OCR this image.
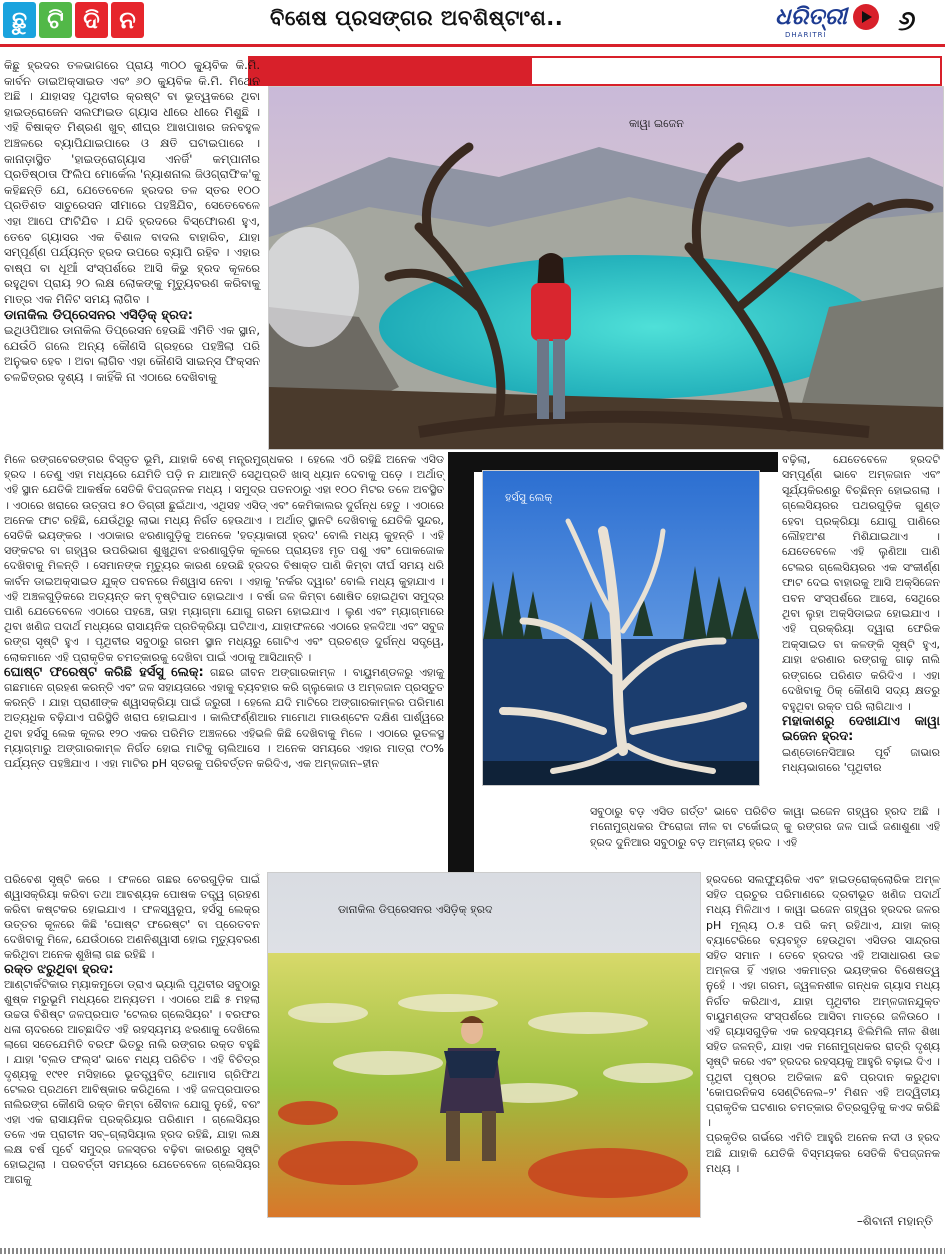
ଛୁ ଟି ଦି ନ	ବିଶେଷ ପ୍ରସଙ୍ଗର ଅବଶିଷ୍ଟାଂଶ..	ଧରିତ୍ରୀ
DHARITRI	୬
କାୱା ଇଜେନ
ହର୍ସସୁ ଲେକ୍
ଡାନାକିଲ ଡିପ୍ରେସନର ଏସିଡ଼ିକ୍ ହ୍ରଦ

କିଛୁ ହ୍ରଦର ତଳଭାଗରେ ପ୍ରାୟ ୩୦୦ କ୍ୟୁବିକ କି.ମି. କାର୍ବନ ଡାଇଅକ୍ସାଇଡ ଏବଂ ୬୦ କ୍ୟୁବିକ କି.ମି. ମିଥେନ ଅଛି । ଯାହାସହ ପୃଥିବୀର କ୍ରଷ୍ଟ ବା ଭୂତ୍ୱକରେ ଥିବା ହାଇଡ୍ରୋଜେନ ସଲଫାଇଡ ଗ୍ୟାସ ଧୀରେ ଧୀରେ ମିଶୁଛି । ଏହି ବିଷାକ୍ତ ମିଶ୍ରଣ ଖୁବ୍ ଶୀଘ୍ର ଆଖପାଖର ଜନବହୁଳ ଅଞ୍ଚଳରେ ବ୍ୟାପିଯାଇପାରେ ଓ କ୍ଷତି ଘଟାଇପାରେ । କାନାଡ଼ାସ୍ଥିତ 'ହାଇଡ୍ରୋଗ୍ୟାସ ଏନର୍ଜି' କମ୍ପାନୀର ପ୍ରତିଷ୍ଠାତା ଫିଲିପ ମୋର୍କେଲ 'ନ୍ୟାଶନାଲ ଜିଓଗ୍ରାଫିକ'କୁ କହିଛନ୍ତି ଯେ, ଯେତେବେଳେ ହ୍ରଦର ତଳ ସ୍ତର ୧୦୦ ପ୍ରତିଶତ ସାଚୁରେସନ ସୀମାରେ ପହଞ୍ଚିଯିବ, ସେତେବେଳେ ଏହା ଆପେ ଫାଟିଯିବ । ଯଦି ହ୍ରଦରେ ବିସ୍ଫୋରଣ ହୁଏ, ତେବେ ଗ୍ୟାସର ଏକ ବିଶାଳ ବାଦଲ ବାହାରିବ, ଯାହା ସମ୍ପୂର୍ଣ୍ଣ ପର୍ଯ୍ୟନ୍ତ ହ୍ରଦ ଉପରେ ବ୍ୟାପି ରହିବ । ଏହାର ବାଷ୍ପ ବା ଧୂଆଁ ସଂସ୍ପର୍ଶରେ ଆସି କିଭୁ ହ୍ରଦ କୂଳରେ ରହୁଥିବା ପ୍ରାୟ ୨୦ ଲକ୍ଷ ଲୋକଙ୍କୁ ମୃତ୍ୟୁବରଣ କରିବାକୁ ମାତ୍ର ଏକ ମିନିଟ ସମୟ ଲାଗିବ ।

ଡାନାକିଲ ଡିପ୍ରେସନର ଏସିଡ଼ିକ୍ ହ୍ରଦ:

ଇଥିଓପିଆର ଡାନାକିଲ ଡିପ୍ରେସନ ହେଉଛି ଏମିତି ଏକ ସ୍ଥାନ, ଯେଉଁଠି ଗଲେ ଅନ୍ୟ କୌଣସି ଗ୍ରହରେ ପହଞ୍ଚିଲା ପରି ଅନୁଭବ ହେବ । ଅବା ଲାଗିବ ଏହା କୌଣସି ସାଇନ୍ସ ଫିକ୍ସନ ଚଳଚ୍ଚିତ୍ରର ଦୃଶ୍ୟ । କାହିଁକି ନା ଏଠାରେ ଦେଖିବାକୁ

ମିଳେ ରଙ୍ଗବେରଙ୍ଗର ବିସ୍ତୃତ ଭୂମି, ଯାହାକି ବେଶ୍ ମନ୍ତ୍ରମୁଗ୍ଧକର । ହେଲେ ଏଠି ରହିଛି ଅନେକ ଏସିଡ ହ୍ରଦ । ତେଣୁ ଏହା ମଧ୍ୟରେ ଯେମିତି ପଡ଼ି ନ ଯାଆନ୍ତି ସେଥିପ୍ରତି ଖାସ୍ ଧ୍ୟାନ ଦେବାକୁ ପଡ଼େ । ଅର୍ଥାତ୍ ଏହି ସ୍ଥାନ ଯେତିକି ଆକର୍ଷକ ସେତିକି ବିପଜ୍ଜନକ ମଧ୍ୟ । ସମୁଦ୍ର ପତନଠାରୁ ଏହା ୧୦୦ ମିଟର ତଳେ ଅବସ୍ଥିତ । ଏଠାରେ ଖରାରେ ଉତ୍ତାପ ୫୦ ଡିଗ୍ରୀ ଛୁଇଁଥାଏ, ଏଥିସହ ଏସିଡ୍ ଏବଂ କେମିକାଲର ଦୁର୍ଗନ୍ଧ ହେତୁ । ଏଠାରେ ଅନେକ ଫାଟ ରହିଛି, ଯେଉଁଥିରୁ ଲାଭା ମଧ୍ୟ ନିର୍ଗତ ହେଉଥାଏ । ଅର୍ଥାତ୍ ସ୍ଥାନଟି ଦେଖିବାକୁ ଯେତିକି ସୁନ୍ଦର, ସେତିକି ଭୟଙ୍କର । ଏଠାକାର ଝରଣାଗୁଡ଼ିକୁ ଅନେକେ 'ହତ୍ୟାକାରୀ ହ୍ରଦ' ବୋଲି ମଧ୍ୟ କୁହନ୍ତି । ଏହି ସଙ୍କଟର ବା ଗହ୍ୱର ଉପରିଭାଗ ଶୁଖୁଥିବା ଝରଣାଗୁଡ଼ିକ କୂଳରେ ପ୍ରାୟତଃ ମୃତ ପଶୁ ଏବଂ ପୋକଜୋକ ଦେଖିବାକୁ ମିଳନ୍ତି । ସେମାନଙ୍କ ମୃତ୍ୟୁର କାରଣ ହେଉଛି ହ୍ରଦର ବିଷାକ୍ତ ପାଣି କିମ୍ବା ଦୀର୍ଘ ସମୟ ଧରି କାର୍ବନ ଡାଇଅକ୍ସାଇଡ ଯୁକ୍ତ ପବନରେ ନିଶ୍ୱାସ ନେବା । ଏହାକୁ 'ନର୍କର ଦ୍ୱାର' ବୋଲି ମଧ୍ୟ କୁହାଯାଏ । ଏହି ଅଞ୍ଚଳଗୁଡ଼ିକରେ ଅତ୍ୟନ୍ତ କମ୍ ବୃଷ୍ଟିପାତ ହୋଇଥାଏ । ବର୍ଷା ଜଳ କିମ୍ବା ଶୋଷିତ ହୋଇଥିବା ସମୁଦ୍ର ପାଣି ଯେତେବେଳେ ଏଠାରେ ପହଞ୍ଚେ, ତାହା ମ୍ୟାଗ୍ମା ଯୋଗୁ ଗରମ ହୋଇଯାଏ । ଲୁଣ ଏବଂ ମ୍ୟାଗ୍ମାରେ ଥିବା ଖଣିଜ ପଦାର୍ଥ ମଧ୍ୟରେ ରାସାୟନିକ ପ୍ରତିକ୍ରିୟା ଘଟିଥାଏ, ଯାହାଫଳରେ ଏଠାରେ ହଳଦିଆ ଏବଂ ସବୁଜ ରଙ୍ଗ ସୃଷ୍ଟି ହୁଏ । ପୃଥିବୀର ସବୁଠାରୁ ଗରମ ସ୍ଥାନ ମଧ୍ୟରୁ ଗୋଟିଏ ଏବଂ ପ୍ରଚଣ୍ଡ ଦୁର୍ଗନ୍ଧ ସତ୍ତ୍ୱେ, ଲୋକମାନେ ଏହି ପ୍ରାକୃତିକ ଚମତ୍କାରକୁ ଦେଖିବା ପାଇଁ ଏଠାକୁ ଆସିଥାନ୍ତି ।

ଘୋଷ୍ଟ ଫରେଷ୍ଟ କରିଛି ହର୍ସସୁ ଲେକ୍: ଗଛର ଜୀବନ ଅଙ୍ଗାରକାମ୍ଳ । ବାୟୁମଣ୍ଡଳରୁ ଏହାକୁ ଗଛମାନେ ଗ୍ରହଣ କରନ୍ତି ଏବଂ ଜଳ ସହାୟତାରେ ଏହାକୁ ବ୍ୟବହାର କରି ଗ୍ଲୁକୋଜ ଓ ଅମ୍ଳଜାନ ପ୍ରସ୍ତୁତ କରନ୍ତି । ଯାହା ପ୍ରାଣୀଙ୍କ ଶ୍ୱାସକ୍ରିୟା ପାଇଁ ଜରୁରୀ । ହେଲେ ଯଦି ମାଟିରେ ଅଙ୍ଗାରକାମ୍ଳର ପରିମାଣ ଅତ୍ୟଧିକ ବଢ଼ିଯାଏ ପରିସ୍ଥିତି ଖରାପ ହୋଇଯାଏ । କାଲିଫର୍ଣ୍ଣିଆର ମାମୋଥ ମାଉଣ୍ଟେନ ଦକ୍ଷିଣ ପାର୍ଶ୍ୱରେ ଥିବା ହର୍ସସୁ ଲେକ କୂଳର ୧୨୦ ଏକର ପରିମିତ ଅଞ୍ଚଳରେ ଏହିଭଳି କିଛି ଦେଖିବାକୁ ମିଳେ । ଏଠାରେ ଭୂତଳସ୍ଥ ମ୍ୟାଗ୍ମାରୁ ଅଙ୍ଗାରକାମ୍ଳ ନିର୍ଗତ ହୋଇ ମାଟିକୁ ଚାଲିଆସେ । ଅନେକ ସମୟରେ ଏହାର ମାତ୍ରା ୯୦% ପର୍ଯ୍ୟନ୍ତ ପହଞ୍ଚିଯାଏ । ଏହା ମାଟିର pH ସ୍ତରକୁ ପରିବର୍ତ୍ତନ କରିଦିଏ, ଏକ ଅମ୍ଳଜାନ–ହୀନ

ପରିବେଶ ସୃଷ୍ଟି କରେ । ଫଳରେ ଗଛର ଚେରଗୁଡ଼ିକ ପାଇଁ ଶ୍ୱାସକ୍ରିୟା କରିବା ତଥା ଆବଶ୍ୟକ ପୋଷକ ତତ୍ତ୍ୱ ଗ୍ରହଣ କରିବା କଷ୍ଟକର ହୋଇଯାଏ । ଫଳସ୍ୱରୂପ, ହର୍ସସୁ ଲେକ୍‌ର ଉତ୍ତର କୂଳରେ କିଛି 'ଘୋଷ୍ଟ ଫରେଷ୍ଟ' ବା ପ୍ରେତବନ ଦେଖିବାକୁ ମିଳେ, ଯେଉଁଠାରେ ଅଣନିଶ୍ୱାସୀ ହୋଇ ମୃତ୍ୟୁବରଣ କରିଥିବା ଅନେକ ଶୁଖିଲା ଗଛ ରହିଛି ।

ରକ୍ତ ଝରୁଥିବା ହ୍ରଦ:

ଆଣ୍ଟାର୍କଟିକାର ମ୍ୟାକମୁଡୋ ଡ୍ରାଏ ଭ୍ୟାଲି ପୃଥିବୀର ସବୁଠାରୁ ଶୁଷ୍କ ମରୁଭୂମି ମଧ୍ୟରେ ଅନ୍ୟତମ । ଏଠାରେ ଅଛି ୫ ମହଲା ଉଚ୍ଚତା ବିଶିଷ୍ଟ ଜଳପ୍ରପାତ 'ଟେଲର ଗ୍ଲେସିୟର' । ବରଫର ଧଳା ଚାଦରରେ ଆଚ୍ଛାଦିତ ଏହି ରହସ୍ୟମୟ ଝରଣାକୁ ଦେଖିଲେ ଲାଗେ ସତେଯେମିତି ବରଫ ଭିତରୁ ନାଲି ରଙ୍ଗର ରକ୍ତ ବହୁଛି । ଯାହା 'ବ୍ଲଡ ଫଲ୍ସ' ଭାବେ ମଧ୍ୟ ପରିଚିତ । ଏହି ବିଚିତ୍ର ଦୃଶ୍ୟକୁ ୧୯୧୧ ମସିହାରେ ଭୂତତ୍ତ୍ୱବିତ୍ ଥୋମାସ ଗ୍ରିଫିଥ ଟେଲର ପ୍ରଥମେ ଆବିଷ୍କାର କରିଥିଲେ । ଏହି ଜଳପ୍ରପାତର ନାଲିରଙ୍ଗ କୌଣସି ରକ୍ତ କିମ୍ବା ଶୈବାଳ ଯୋଗୁ ନୁହେଁ, ବରଂ ଏହା ଏକ ରାସାୟନିକ ପ୍ରକ୍ରିୟାର ପରିଣାମ । ଗ୍ଲେସିୟର ତଳେ ଏକ ପ୍ରାଚୀନ ସବ୍–ଗ୍ଲାସିୟାଲ ହ୍ରଦ ରହିଛି, ଯାହା ଲକ୍ଷ ଲକ୍ଷ ବର୍ଷ ପୂର୍ବେ ସମୁଦ୍ର ଜଳସ୍ତର ବଢ଼ିବା କାରଣରୁ ସୃଷ୍ଟି ହୋଇଥିଲା । ପରବର୍ତ୍ତୀ ସମୟରେ ଯେତେବେଳେ ଗ୍ଲେସିୟର ଆଗକୁ

ବଢ଼ିଲା, ଯେତେବେଳେ ହ୍ରଦଟି ସମ୍ପୂର୍ଣ୍ଣ ଭାବେ ଅମ୍ଳଜାନ ଏବଂ ସୂର୍ଯ୍ୟକିରଣରୁ ବିଚ୍ଛିନ୍ନ ହୋଇଗଲା । ଗ୍ଲେସିୟରର ପଥରଗୁଡ଼ିକ ଗୁଣ୍ଡ ହେବା ପ୍ରକ୍ରିୟା ଯୋଗୁ ପାଣିରେ ଲୌହଅଂଶ ମିଶିଯାଇଥାଏ । ଯେତେବେଳେ ଏହି ଲୁଣିଆ ପାଣି ଟେଲର ଗ୍ଲେସିୟରର ଏକ ସଂକୀର୍ଣ୍ଣ ଫାଟ ଦେଇ ବାହାରକୁ ଆସି ଅକ୍ସିଜେନ ପବନ ସଂସ୍ପର୍ଶରେ ଆସେ, ସେଥିରେ ଥିବା ଲୁହା ଅକ୍ସିଡାଇଜ ହୋଇଯାଏ । ଏହି ପ୍ରକ୍ରିୟା ଦ୍ୱାରା ଫେରିକ ଅକ୍ସାଇଡ ବା କଳଙ୍କି ସୃଷ୍ଟି ହୁଏ, ଯାହା ଝରଣାର ରଙ୍ଗକୁ ଗାଢ଼ ନାଲି ରଙ୍ଗରେ ପରିଣତ କରିଦିଏ । ଏହା ଦେଖିବାକୁ ଠିକ୍ କୌଣସି ସଦ୍ୟ କ୍ଷତରୁ ବହୁଥିବା ରକ୍ତ ପରି ଲାଗିଥାଏ ।

ମହାକାଶରୁ ଦେଖାଯାଏ କାୱା ଇଜେନ ହ୍ରଦ:

ଇଣ୍ଡୋନେସିଆର ପୂର୍ବ ଜାଭାର ମଧ୍ୟଭାଗରେ 'ପୃଥିବୀର

ସବୁଠାରୁ ବଡ଼ ଏସିଡ ଗର୍ତ୍ତ' ଭାବେ ପରିଚିତ କାୱା ଇଜେନ ଗହ୍ୱର ହ୍ରଦ ଅଛି । ମନୋମୁଗ୍ଧକର ଫିରୋଜା ନୀଳ ବା ଟର୍କୋଇଜ୍‌ କୁ ରଙ୍ଗର ଜଳ ପାଇଁ ଜଣାଶୁଣା ଏହି ହ୍ରଦ ଦୁନିଆର ସବୁଠାରୁ ବଡ଼ ଅମ୍ଳୀୟ ହ୍ରଦ । ଏହି

ହ୍ରଦରେ ସଲଫ୍ୟୁରିକ ଏବଂ ହାଇଡ୍ରୋକ୍ଲୋରିକ ଅମ୍ଳ ସହିତ ପ୍ରଚୁର ପରିମାଣରେ ଦ୍ରବୀଭୂତ ଖଣିଜ ପଦାର୍ଥ ମଧ୍ୟ ମିଳିଥାଏ । କାୱା ଇଜେନ ଗହ୍ୱର ହ୍ରଦର ଜଳର pH ମୂଲ୍ୟ ୦.୫ ପରି କମ୍ ରହିଥାଏ, ଯାହା କାର୍ ବ୍ୟାଟେରିରେ ବ୍ୟବହୃତ ହେଉଥିବା ଏସିଡର ସାନ୍ଦ୍ରତା ସହିତ ସମାନ । ତେବେ ହ୍ରଦର ଏହି ଅସାଧାରଣ ଉଚ୍ଚ ଅମ୍ଳତା ହିଁ ଏହାର ଏକମାତ୍ର ଭୟଙ୍କର ବିଶେଷତ୍ୱ ନୁହେଁ । ଏହା ଗରମ, ଜ୍ୱଳନଶୀଳ ଗନ୍ଧକ ଗ୍ୟାସ ମଧ୍ୟ ନିର୍ଗତ କରିଥାଏ, ଯାହା ପୃଥିବୀର ଅମ୍ଳଜାନଯୁକ୍ତ ବାୟୁମଣ୍ଡଳ ସଂସ୍ପର୍ଶରେ ଆସିବା ମାତ୍ରେ ଜଳିଉଠେ । ଏହି ଗ୍ୟାସଗୁଡ଼ିକ ଏକ ରହସ୍ୟମୟ ଝିଲିମିଲି ନୀଳ ଶିଖା ସହିତ ଜଳନ୍ତି, ଯାହା ଏକ ମନୋମୁଗ୍ଧକର ରାତ୍ରି ଦୃଶ୍ୟ ସୃଷ୍ଟି କରେ ଏବଂ ହ୍ରଦର ରହସ୍ୟକୁ ଆହୁରି ବଢ଼ାଇ ଦିଏ । ପୃଥିବୀ ପୃଷ୍ଠର ଅତିକାଳ ଛବି ପ୍ରଦାନ କରୁଥିବା 'କୋପରନିକସ ସେଣ୍ଟିନେଲ–୨' ମିଶନ ଏହି ଅଦ୍ୱିତୀୟ ପ୍ରାକୃତିକ ଘଟଣାର ଚମତ୍କାର ଚିତ୍ରଗୁଡ଼ିକୁ କଏଦ କରିଛି ।

ପ୍ରକୃତିର ଗର୍ଭରେ ଏମିତି ଆହୁରି ଅନେକ ନଦୀ ଓ ହ୍ରଦ ଅଛି ଯାହାକି ଯେତିକି ବିସ୍ମୟକର ସେତିକି ବିପଜ୍ଜନକ ମଧ୍ୟ ।

–ଶିବାନୀ ମହାନ୍ତି
